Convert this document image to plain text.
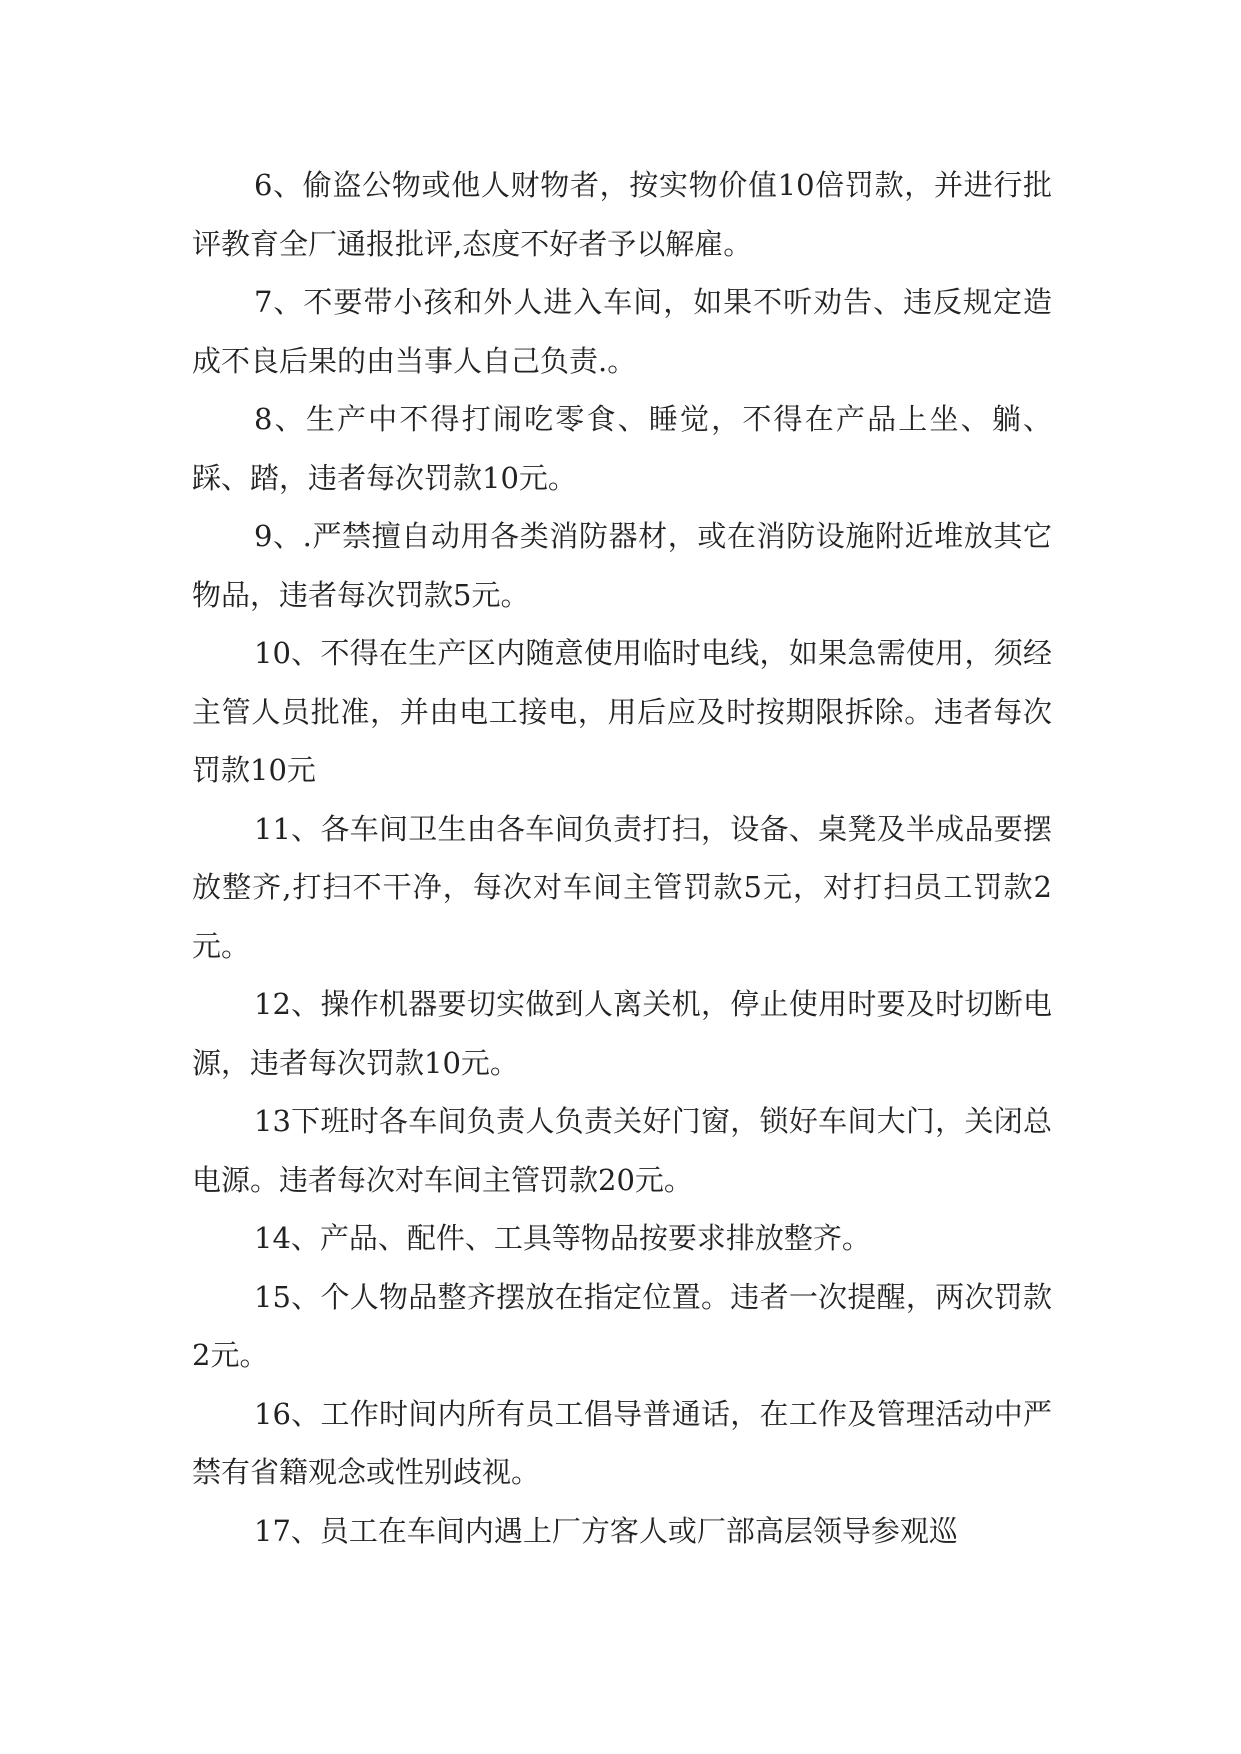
6、偷盗公物或他人财物者，按实物价值10倍罚款，并进行批评教育全厂通报批评,态度不好者予以解雇。

7、不要带小孩和外人进入车间，如果不听劝告、违反规定造成不良后果的由当事人自己负责.。

8、生产中不得打闹吃零食、睡觉，不得在产品上坐、躺、踩、踏，违者每次罚款10元。

9、.严禁擅自动用各类消防器材，或在消防设施附近堆放其它物品，违者每次罚款5元。

10、不得在生产区内随意使用临时电线，如果急需使用，须经主管人员批准，并由电工接电，用后应及时按期限拆除。违者每次罚款10元

11、各车间卫生由各车间负责打扫，设备、桌凳及半成品要摆放整齐,打扫不干净，每次对车间主管罚款5元，对打扫员工罚款2元。

12、操作机器要切实做到人离关机，停止使用时要及时切断电源，违者每次罚款10元。

13下班时各车间负责人负责关好门窗，锁好车间大门，关闭总电源。违者每次对车间主管罚款20元。

14、产品、配件、工具等物品按要求排放整齐。

15、个人物品整齐摆放在指定位置。违者一次提醒，两次罚款2元。

16、工作时间内所有员工倡导普通话，在工作及管理活动中严禁有省籍观念或性别歧视。

17、员工在车间内遇上厂方客人或厂部高层领导参观巡
